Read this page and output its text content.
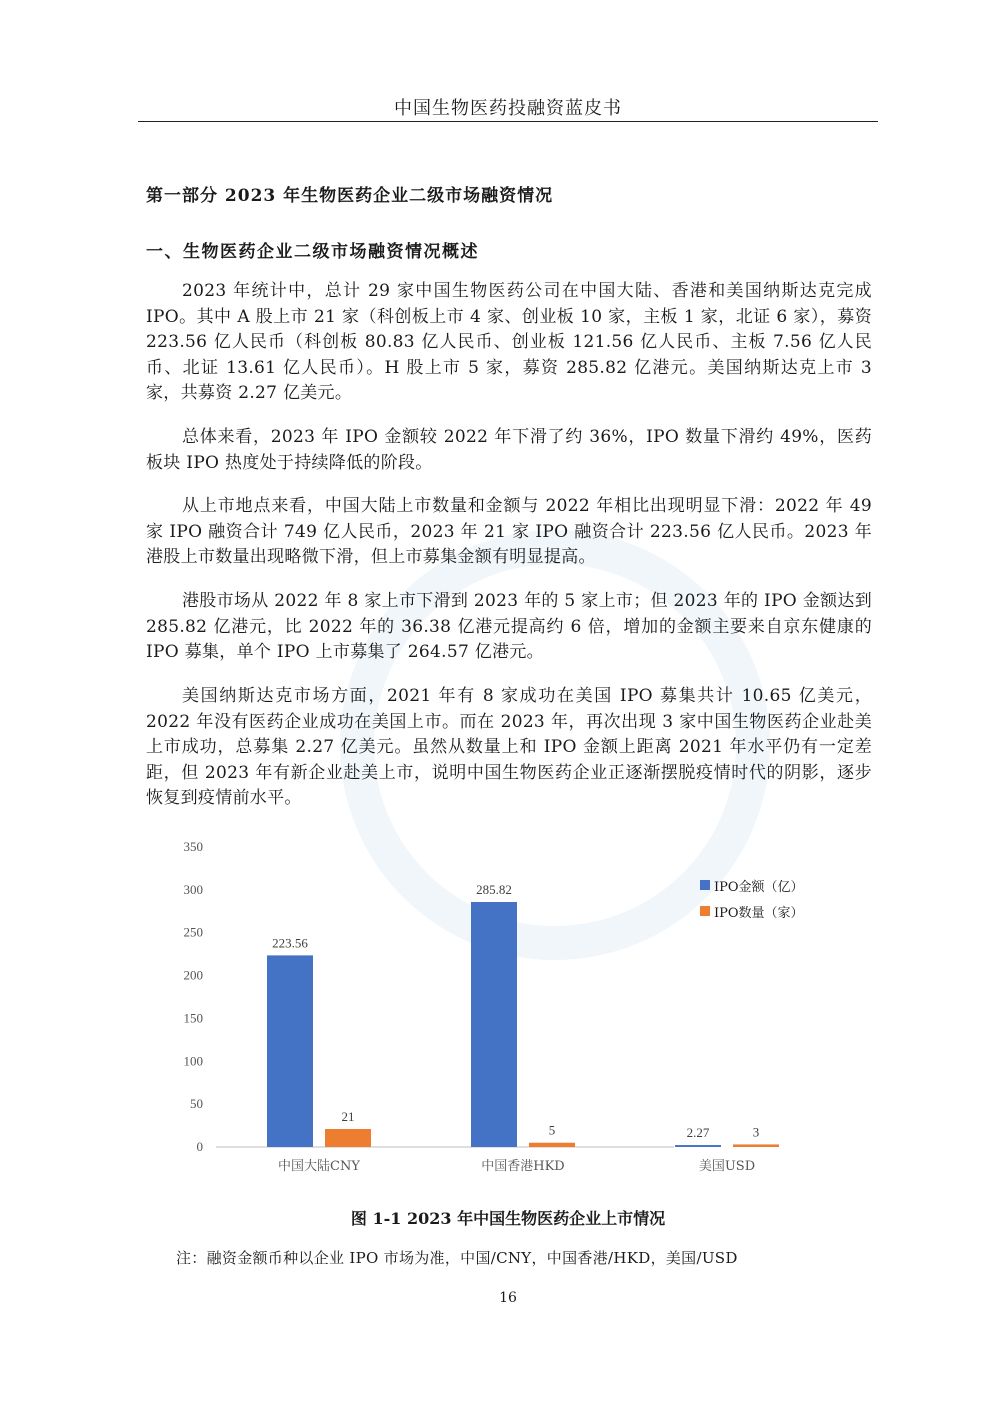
中国生物医药投融资蓝皮书
第一部分 2023 年生物医药企业二级市场融资情况
一、生物医药企业二级市场融资情况概述

2023 年统计中，总计 29 家中国生物医药公司在中国大陆、香港和美国纳斯达克完成 IPO。其中 A 股上市 21 家（科创板上市 4 家、创业板 10 家，主板 1 家，北证 6 家），募资 223.56 亿人民币（科创板 80.83 亿人民币、创业板 121.56 亿人民币、主板 7.56 亿人民币、北证 13.61 亿人民币）。H 股上市 5 家，募资 285.82 亿港元。美国纳斯达克上市 3 家，共募资 2.27 亿美元。

总体来看，2023 年 IPO 金额较 2022 年下滑了约 36%，IPO 数量下滑约 49%，医药板块 IPO 热度处于持续降低的阶段。

从上市地点来看，中国大陆上市数量和金额与 2022 年相比出现明显下滑：2022 年 49 家 IPO 融资合计 749 亿人民币，2023 年 21 家 IPO 融资合计 223.56 亿人民币。2023 年港股上市数量出现略微下滑，但上市募集金额有明显提高。

港股市场从 2022 年 8 家上市下滑到 2023 年的 5 家上市；但 2023 年的 IPO 金额达到 285.82 亿港元，比 2022 年的 36.38 亿港元提高约 6 倍，增加的金额主要来自京东健康的 IPO 募集，单个 IPO 上市募集了 264.57 亿港元。

美国纳斯达克市场方面，2021 年有 8 家成功在美国 IPO 募集共计 10.65 亿美元，2022 年没有医药企业成功在美国上市。而在 2023 年，再次出现 3 家中国生物医药企业赴美上市成功，总募集 2.27 亿美元。虽然从数量上和 IPO 金额上距离 2021 年水平仍有一定差距，但 2023 年有新企业赴美上市，说明中国生物医药企业正逐渐摆脱疫情时代的阴影，逐步恢复到疫情前水平。

0
50
100
150
200
250
300
350
223.56
21
中国大陆CNY
285.82
5
中国香港HKD
2.27	3
美国USD
IPO金额（亿）
IPO数量（家）
图 1-1 2023 年中国生物医药企业上市情况
注：融资金额币种以企业 IPO 市场为准，中国/CNY，中国香港/HKD，美国/USD
16
